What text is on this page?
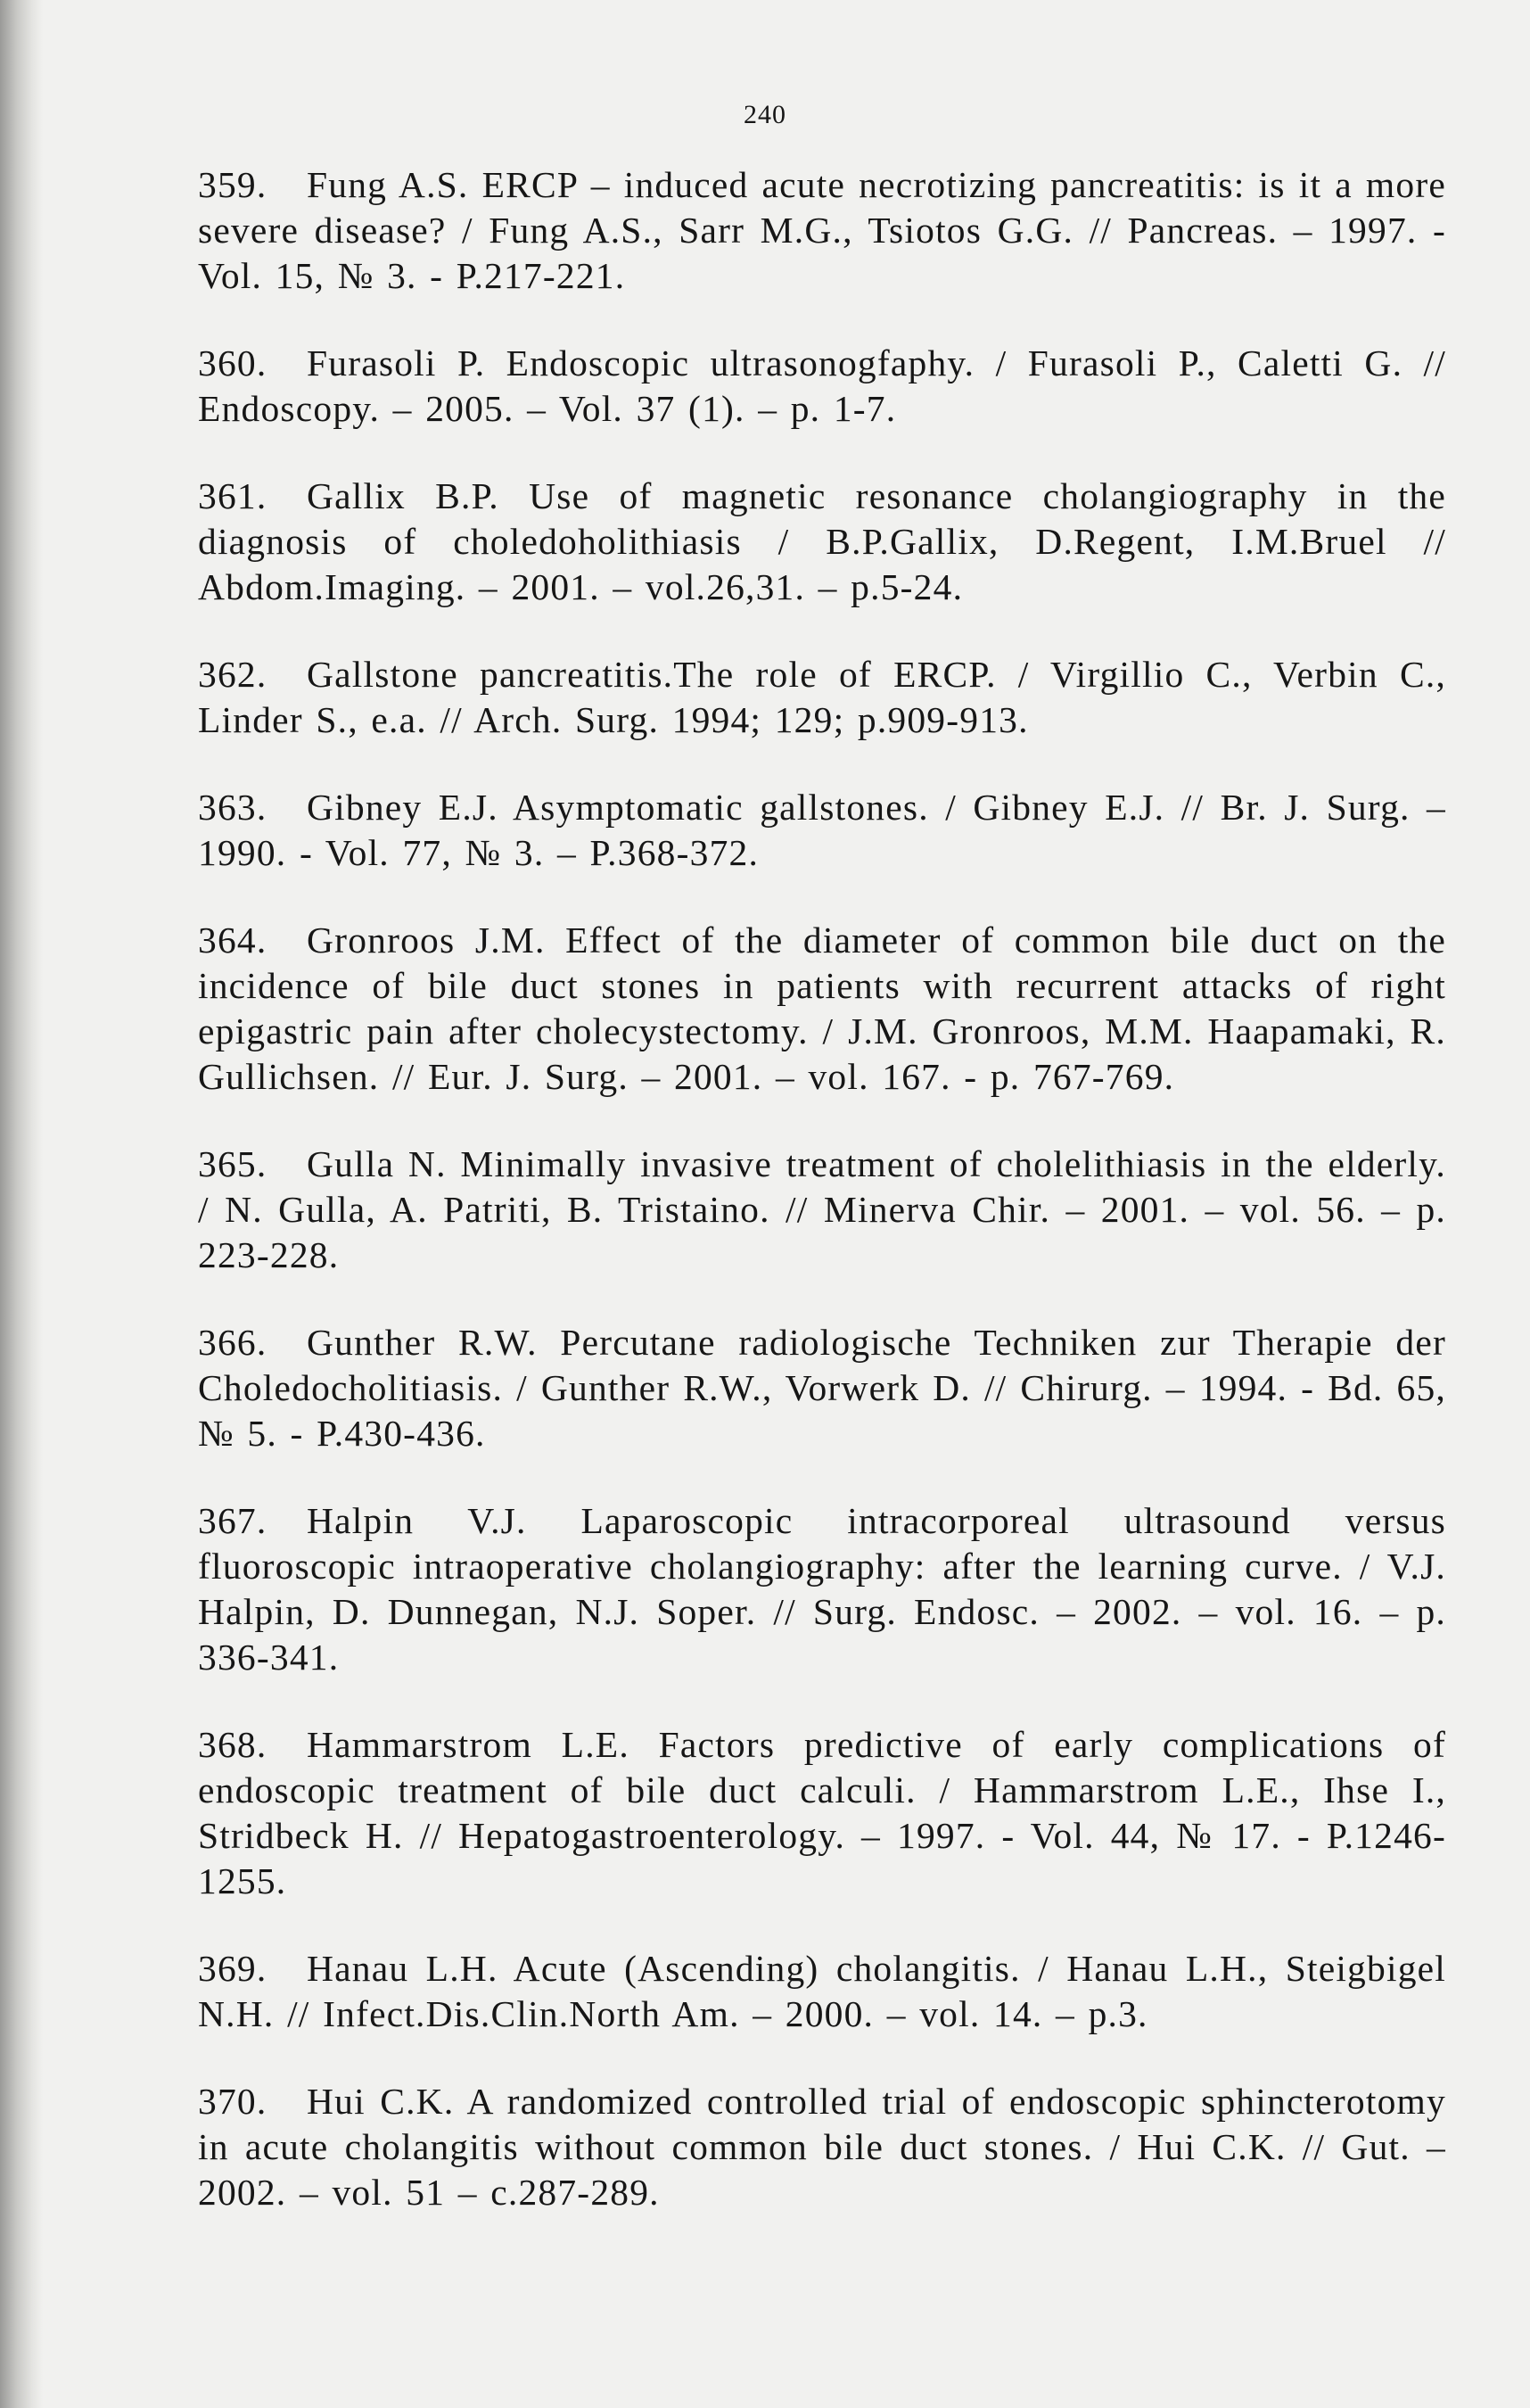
240
359. Fung A.S. ERCP – induced acute necrotizing pancreatitis: is it a more severe disease? / Fung A.S., Sarr M.G., Tsiotos G.G. // Pancreas. – 1997. - Vol. 15, № 3. - P.217-221.
360. Furasoli P. Endoscopic ultrasonogfaphy. / Furasoli P., Caletti G. // Endoscopy. – 2005. – Vol. 37 (1). – p. 1-7.
361. Gallix B.P. Use of magnetic resonance cholangiography in the diagnosis of choledoholithiasis / B.P.Gallix, D.Regent, I.M.Bruel // Abdom.Imaging. – 2001. – vol.26,31. – p.5-24.
362. Gallstone pancreatitis.The role of ERCP. / Virgillio C., Verbin C., Linder S., e.a. // Arch. Surg. 1994; 129; p.909-913.
363. Gibney E.J. Asymptomatic gallstones. / Gibney E.J. // Br. J. Surg. – 1990. - Vol. 77, № 3. – P.368-372.
364. Gronroos J.M. Effect of the diameter of common bile duct on the incidence of bile duct stones in patients with recurrent attacks of right epigastric pain after cholecystectomy. / J.M. Gronroos, M.M. Haapamaki, R. Gullichsen. // Eur. J. Surg. – 2001. – vol. 167. - p. 767-769.
365. Gulla N. Minimally invasive treatment of cholelithiasis in the elderly. / N. Gulla, A. Patriti, B. Tristaino. // Minerva Chir. – 2001. – vol. 56. – p. 223-228.
366. Gunther R.W. Percutane radiologische Techniken zur Therapie der Choledocholitiasis. / Gunther R.W., Vorwerk D. // Chirurg. – 1994. - Bd. 65, № 5. - P.430-436.
367. Halpin V.J. Laparoscopic intracorporeal ultrasound versus fluoroscopic intraoperative cholangiography: after the learning curve. / V.J. Halpin, D. Dunnegan, N.J. Soper. // Surg. Endosc. – 2002. – vol. 16. – p. 336-341.
368. Hammarstrom L.E. Factors predictive of early complications of endoscopic treatment of bile duct calculi. / Hammarstrom L.E., Ihse I., Stridbeck H. // Hepatogastroenterology. – 1997. - Vol. 44, № 17. - P.1246-1255.
369. Hanau L.H. Acute (Ascending) cholangitis. / Hanau L.H., Steigbigel N.H. // Infect.Dis.Clin.North Am. – 2000. – vol. 14. – p.3.
370. Hui C.K. A randomized controlled trial of endoscopic sphincterotomy in acute cholangitis without common bile duct stones. / Hui C.K. // Gut. – 2002. – vol. 51 – c.287-289.
